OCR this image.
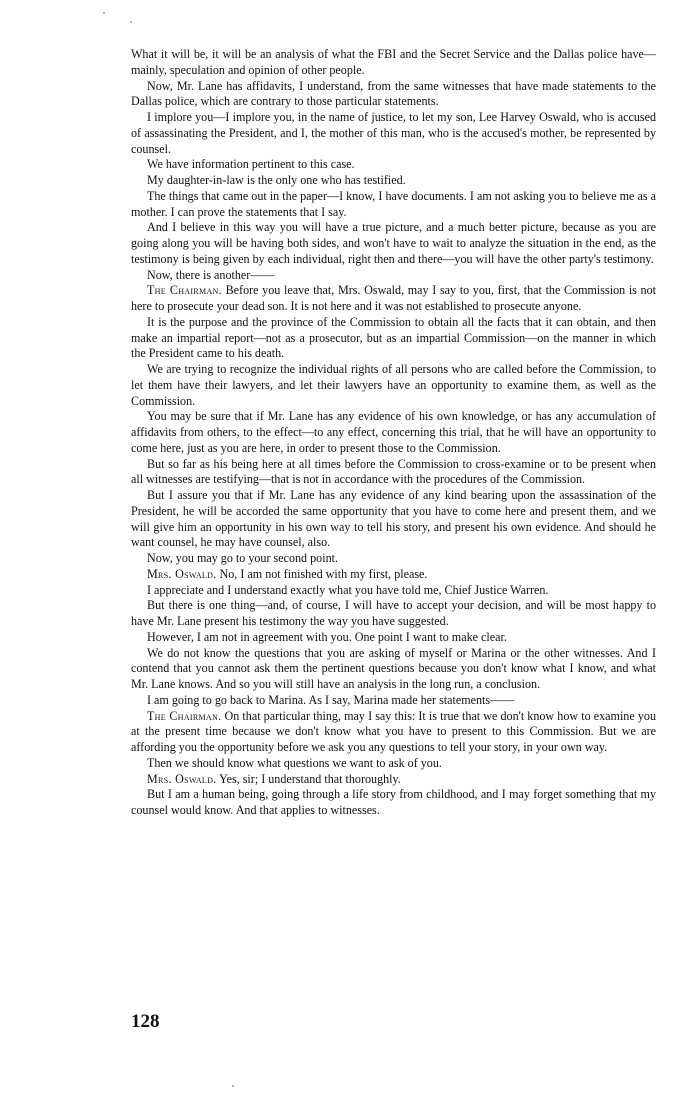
What it will be, it will be an analysis of what the FBI and the Secret Service and the Dallas police have—mainly, speculation and opinion of other people.

Now, Mr. Lane has affidavits, I understand, from the same witnesses that have made statements to the Dallas police, which are contrary to those particular statements.

I implore you—I implore you, in the name of justice, to let my son, Lee Harvey Oswald, who is accused of assassinating the President, and I, the mother of this man, who is the accused's mother, be represented by counsel.

We have information pertinent to this case.

My daughter-in-law is the only one who has testified.

The things that came out in the paper—I know, I have documents. I am not asking you to believe me as a mother. I can prove the statements that I say.

And I believe in this way you will have a true picture, and a much better picture, because as you are going along you will be having both sides, and won't have to wait to analyze the situation in the end, as the testimony is being given by each individual, right then and there—you will have the other party's testimony.

Now, there is another——

The Chairman. Before you leave that, Mrs. Oswald, may I say to you, first, that the Commission is not here to prosecute your dead son. It is not here and it was not established to prosecute anyone.

It is the purpose and the province of the Commission to obtain all the facts that it can obtain, and then make an impartial report—not as a prosecutor, but as an impartial Commission—on the manner in which the President came to his death.

We are trying to recognize the individual rights of all persons who are called before the Commission, to let them have their lawyers, and let their lawyers have an opportunity to examine them, as well as the Commission.

You may be sure that if Mr. Lane has any evidence of his own knowledge, or has any accumulation of affidavits from others, to the effect—to any effect, concerning this trial, that he will have an opportunity to come here, just as you are here, in order to present those to the Commission.

But so far as his being here at all times before the Commission to cross-examine or to be present when all witnesses are testifying—that is not in accordance with the procedures of the Commission.

But I assure you that if Mr. Lane has any evidence of any kind bearing upon the assassination of the President, he will be accorded the same opportunity that you have to come here and present them, and we will give him an opportunity in his own way to tell his story, and present his own evidence. And should he want counsel, he may have counsel, also.

Now, you may go to your second point.

Mrs. Oswald. No, I am not finished with my first, please.

I appreciate and I understand exactly what you have told me, Chief Justice Warren.

But there is one thing—and, of course, I will have to accept your decision, and will be most happy to have Mr. Lane present his testimony the way you have suggested.

However, I am not in agreement with you. One point I want to make clear.

We do not know the questions that you are asking of myself or Marina or the other witnesses. And I contend that you cannot ask them the pertinent questions because you don't know what I know, and what Mr. Lane knows. And so you will still have an analysis in the long run, a conclusion.

I am going to go back to Marina. As I say, Marina made her statements——

The Chairman. On that particular thing, may I say this: It is true that we don't know how to examine you at the present time because we don't know what you have to present to this Commission. But we are affording you the opportunity before we ask you any questions to tell your story, in your own way.

Then we should know what questions we want to ask of you.

Mrs. Oswald. Yes, sir; I understand that thoroughly.

But I am a human being, going through a life story from childhood, and I may forget something that my counsel would know. And that applies to witnesses.

128
